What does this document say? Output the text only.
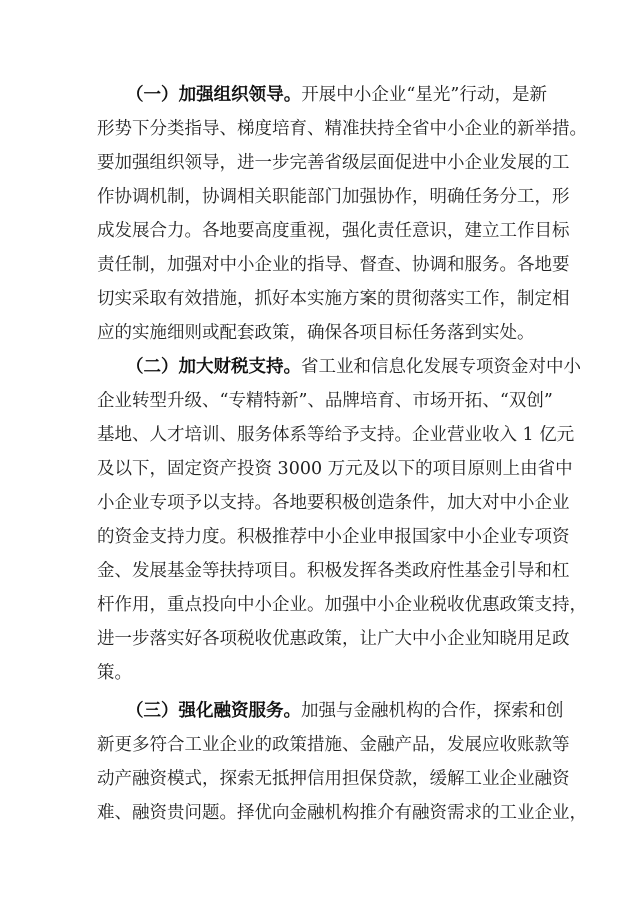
（一）加强组织领导。开展中小企业“星光”行动，是新
形势下分类指导、梯度培育、精准扶持全省中小企业的新举措。
要加强组织领导，进一步完善省级层面促进中小企业发展的工
作协调机制，协调相关职能部门加强协作，明确任务分工，形
成发展合力。各地要高度重视，强化责任意识，建立工作目标
责任制，加强对中小企业的指导、督查、协调和服务。各地要
切实采取有效措施，抓好本实施方案的贯彻落实工作，制定相
应的实施细则或配套政策，确保各项目标任务落到实处。
（二）加大财税支持。省工业和信息化发展专项资金对中小
企业转型升级、“专精特新”、品牌培育、市场开拓、“双创”
基地、人才培训、服务体系等给予支持。企业营业收入 1 亿元
及以下，固定资产投资 3000 万元及以下的项目原则上由省中
小企业专项予以支持。各地要积极创造条件，加大对中小企业
的资金支持力度。积极推荐中小企业申报国家中小企业专项资
金、发展基金等扶持项目。积极发挥各类政府性基金引导和杠
杆作用，重点投向中小企业。加强中小企业税收优惠政策支持，
进一步落实好各项税收优惠政策，让广大中小企业知晓用足政
策。
（三）强化融资服务。加强与金融机构的合作，探索和创
新更多符合工业企业的政策措施、金融产品，发展应收账款等
动产融资模式，探索无抵押信用担保贷款，缓解工业企业融资
难、融资贵问题。择优向金融机构推介有融资需求的工业企业，
